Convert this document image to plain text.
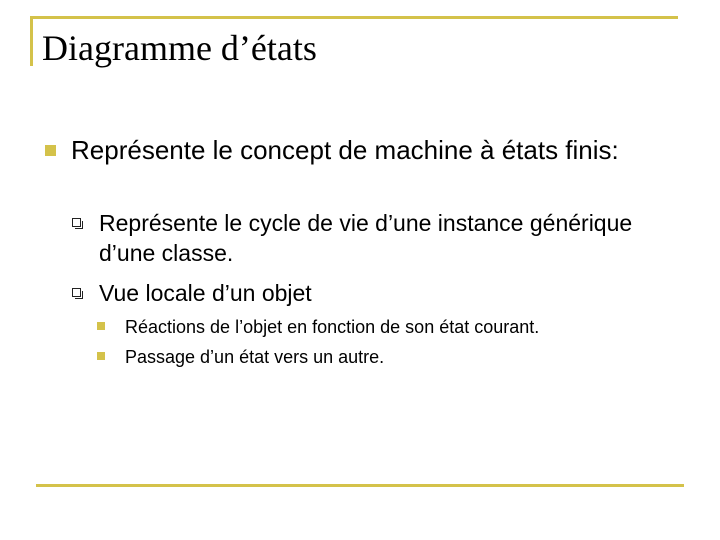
Diagramme d’états
Représente le concept de machine à états finis:
Représente le cycle de vie d’une instance générique d’une classe.
Vue locale d’un objet
Réactions de l’objet en fonction de son état courant.
Passage d’un état vers un autre.
